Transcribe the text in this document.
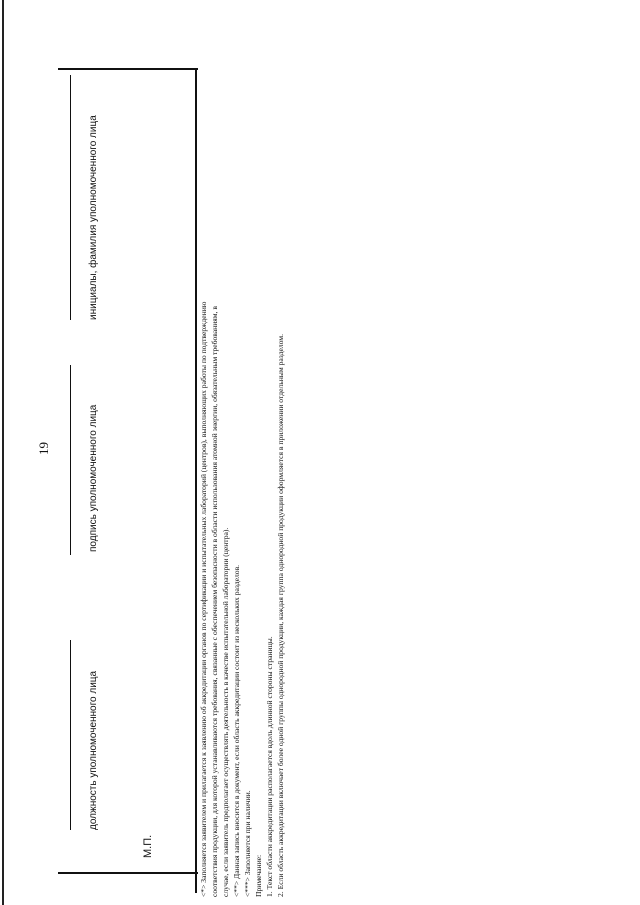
должность уполномоченного лица
подпись уполномоченного лица
инициалы, фамилия уполномоченного лица
М.П.
19	<*> Заполняется заявителем и прилагается к заявлению об аккредитации органов по сертификации и испытательных лабораторий (центров), выполняющих работы по подтверждению соответствия продукции, для которой устанавливаются требования, связанные с обеспечением безопасности в области использования атомной энергии, обязательным требованиям, в случае, если заявитель предполагает осуществлять деятельность в качестве испытательной лаборатории (центра). <**> Данная запись вносится в документ, если область аккредитации состоит из нескольких разделов. <***> Заполняется при наличии. Примечание: 1. Текст области аккредитации располагается вдоль длинной стороны страницы. 2. Если область аккредитации включает более одной группы однородной продукции, каждая группа однородной продукции оформляется в приложении отдельным разделом.
